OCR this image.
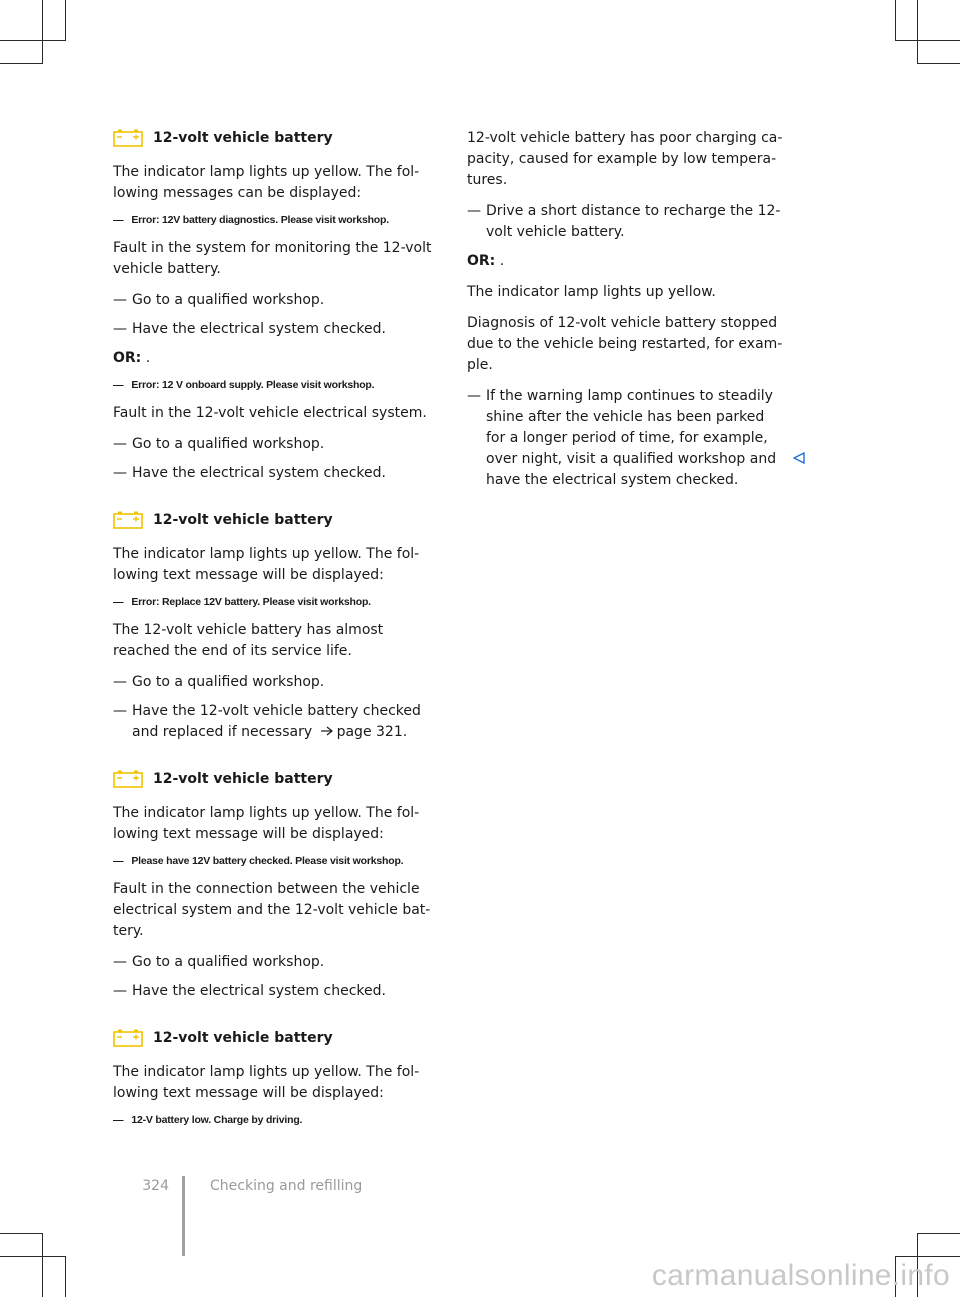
12-volt vehicle battery
The indicator lamp lights up yellow. The fol-lowing messages can be displayed:
— Error: 12V battery diagnostics. Please visit workshop.
Fault in the system for monitoring the 12-volt vehicle battery.
— Go to a qualified workshop.
— Have the electrical system checked.
OR: .
— Error: 12 V onboard supply. Please visit workshop.
Fault in the 12-volt vehicle electrical system.
— Go to a qualified workshop.
— Have the electrical system checked.
12-volt vehicle battery
The indicator lamp lights up yellow. The fol-lowing text message will be displayed:
— Error: Replace 12V battery. Please visit workshop.
The 12-volt vehicle battery has almost reached the end of its service life.
— Go to a qualified workshop.
— Have the 12-volt vehicle battery checked and replaced if necessary page 321.
12-volt vehicle battery
The indicator lamp lights up yellow. The fol-lowing text message will be displayed:
— Please have 12V battery checked. Please visit workshop.
Fault in the connection between the vehicle electrical system and the 12-volt vehicle bat-tery.
— Go to a qualified workshop.
— Have the electrical system checked.
12-volt vehicle battery
The indicator lamp lights up yellow. The fol-lowing text message will be displayed:
— 12-V battery low. Charge by driving.
12-volt vehicle battery has poor charging ca-pacity, caused for example by low tempera-tures.
— Drive a short distance to recharge the 12-volt vehicle battery.
OR: .
The indicator lamp lights up yellow.
Diagnosis of 12-volt vehicle battery stopped due to the vehicle being restarted, for exam-ple.
— If the warning lamp continues to steadily shine after the vehicle has been parked for a longer period of time, for example, over night, visit a qualified workshop and have the electrical system checked.
324	Checking and refilling
carmanualsonline.info
